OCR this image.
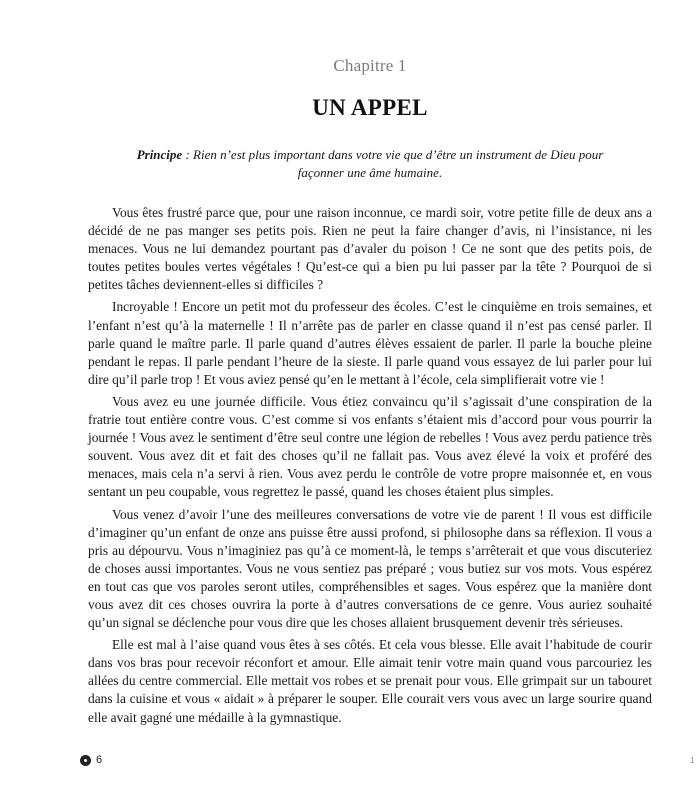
Chapitre 1
UN APPEL
Principe : Rien n’est plus important dans votre vie que d’être un instrument de Dieu pour façonner une âme humaine.

Vous êtes frustré parce que, pour une raison inconnue, ce mardi soir, votre petite fille de deux ans a décidé de ne pas manger ses petits pois. Rien ne peut la faire changer d’avis, ni l’insistance, ni les menaces. Vous ne lui demandez pourtant pas d’avaler du poison ! Ce ne sont que des petits pois, de toutes petites boules vertes végétales ! Qu’est-ce qui a bien pu lui passer par la tête ? Pourquoi de si petites tâches deviennent-elles si difficiles ?

Incroyable ! Encore un petit mot du professeur des écoles. C’est le cinquième en trois semaines, et l’enfant n’est qu’à la maternelle ! Il n’arrête pas de parler en classe quand il n’est pas censé parler. Il parle quand le maître parle. Il parle quand d’autres élèves essaient de parler. Il parle la bouche pleine pendant le repas. Il parle pendant l’heure de la sieste. Il parle quand vous essayez de lui parler pour lui dire qu’il parle trop ! Et vous aviez pensé qu’en le mettant à l’école, cela simplifierait votre vie !

Vous avez eu une journée difficile. Vous étiez convaincu qu’il s’agissait d’une conspiration de la fratrie tout entière contre vous. C’est comme si vos enfants s’étaient mis d’accord pour vous pourrir la journée ! Vous avez le sentiment d’être seul contre une légion de rebelles ! Vous avez perdu patience très souvent. Vous avez dit et fait des choses qu’il ne fallait pas. Vous avez élevé la voix et proféré des menaces, mais cela n’a servi à rien. Vous avez perdu le contrôle de votre propre maisonnée et, en vous sentant un peu coupable, vous regrettez le passé, quand les choses étaient plus simples.

Vous venez d’avoir l’une des meilleures conversations de votre vie de parent ! Il vous est difficile d’imaginer qu’un enfant de onze ans puisse être aussi profond, si philosophe dans sa réflexion. Il vous a pris au dépourvu. Vous n’imaginiez pas qu’à ce moment-là, le temps s’arrêterait et que vous discuteriez de choses aussi importantes. Vous ne vous sentiez pas préparé ; vous butiez sur vos mots. Vous espérez en tout cas que vos paroles seront utiles, compréhensibles et sages. Vous espérez que la manière dont vous avez dit ces choses ouvrira la porte à d’autres conversations de ce genre. Vous auriez souhaité qu’un signal se déclenche pour vous dire que les choses allaient brusquement devenir très sérieuses.

Elle est mal à l’aise quand vous êtes à ses côtés. Et cela vous blesse. Elle avait l’habitude de courir dans vos bras pour recevoir réconfort et amour. Elle aimait tenir votre main quand vous parcouriez les allées du centre commercial. Elle mettait vos robes et se prenait pour vous. Elle grimpait sur un tabouret dans la cuisine et vous « aidait » à préparer le souper. Elle courait vers vous avec un large sourire quand elle avait gagné une médaille à la gymnastique.

6	1
